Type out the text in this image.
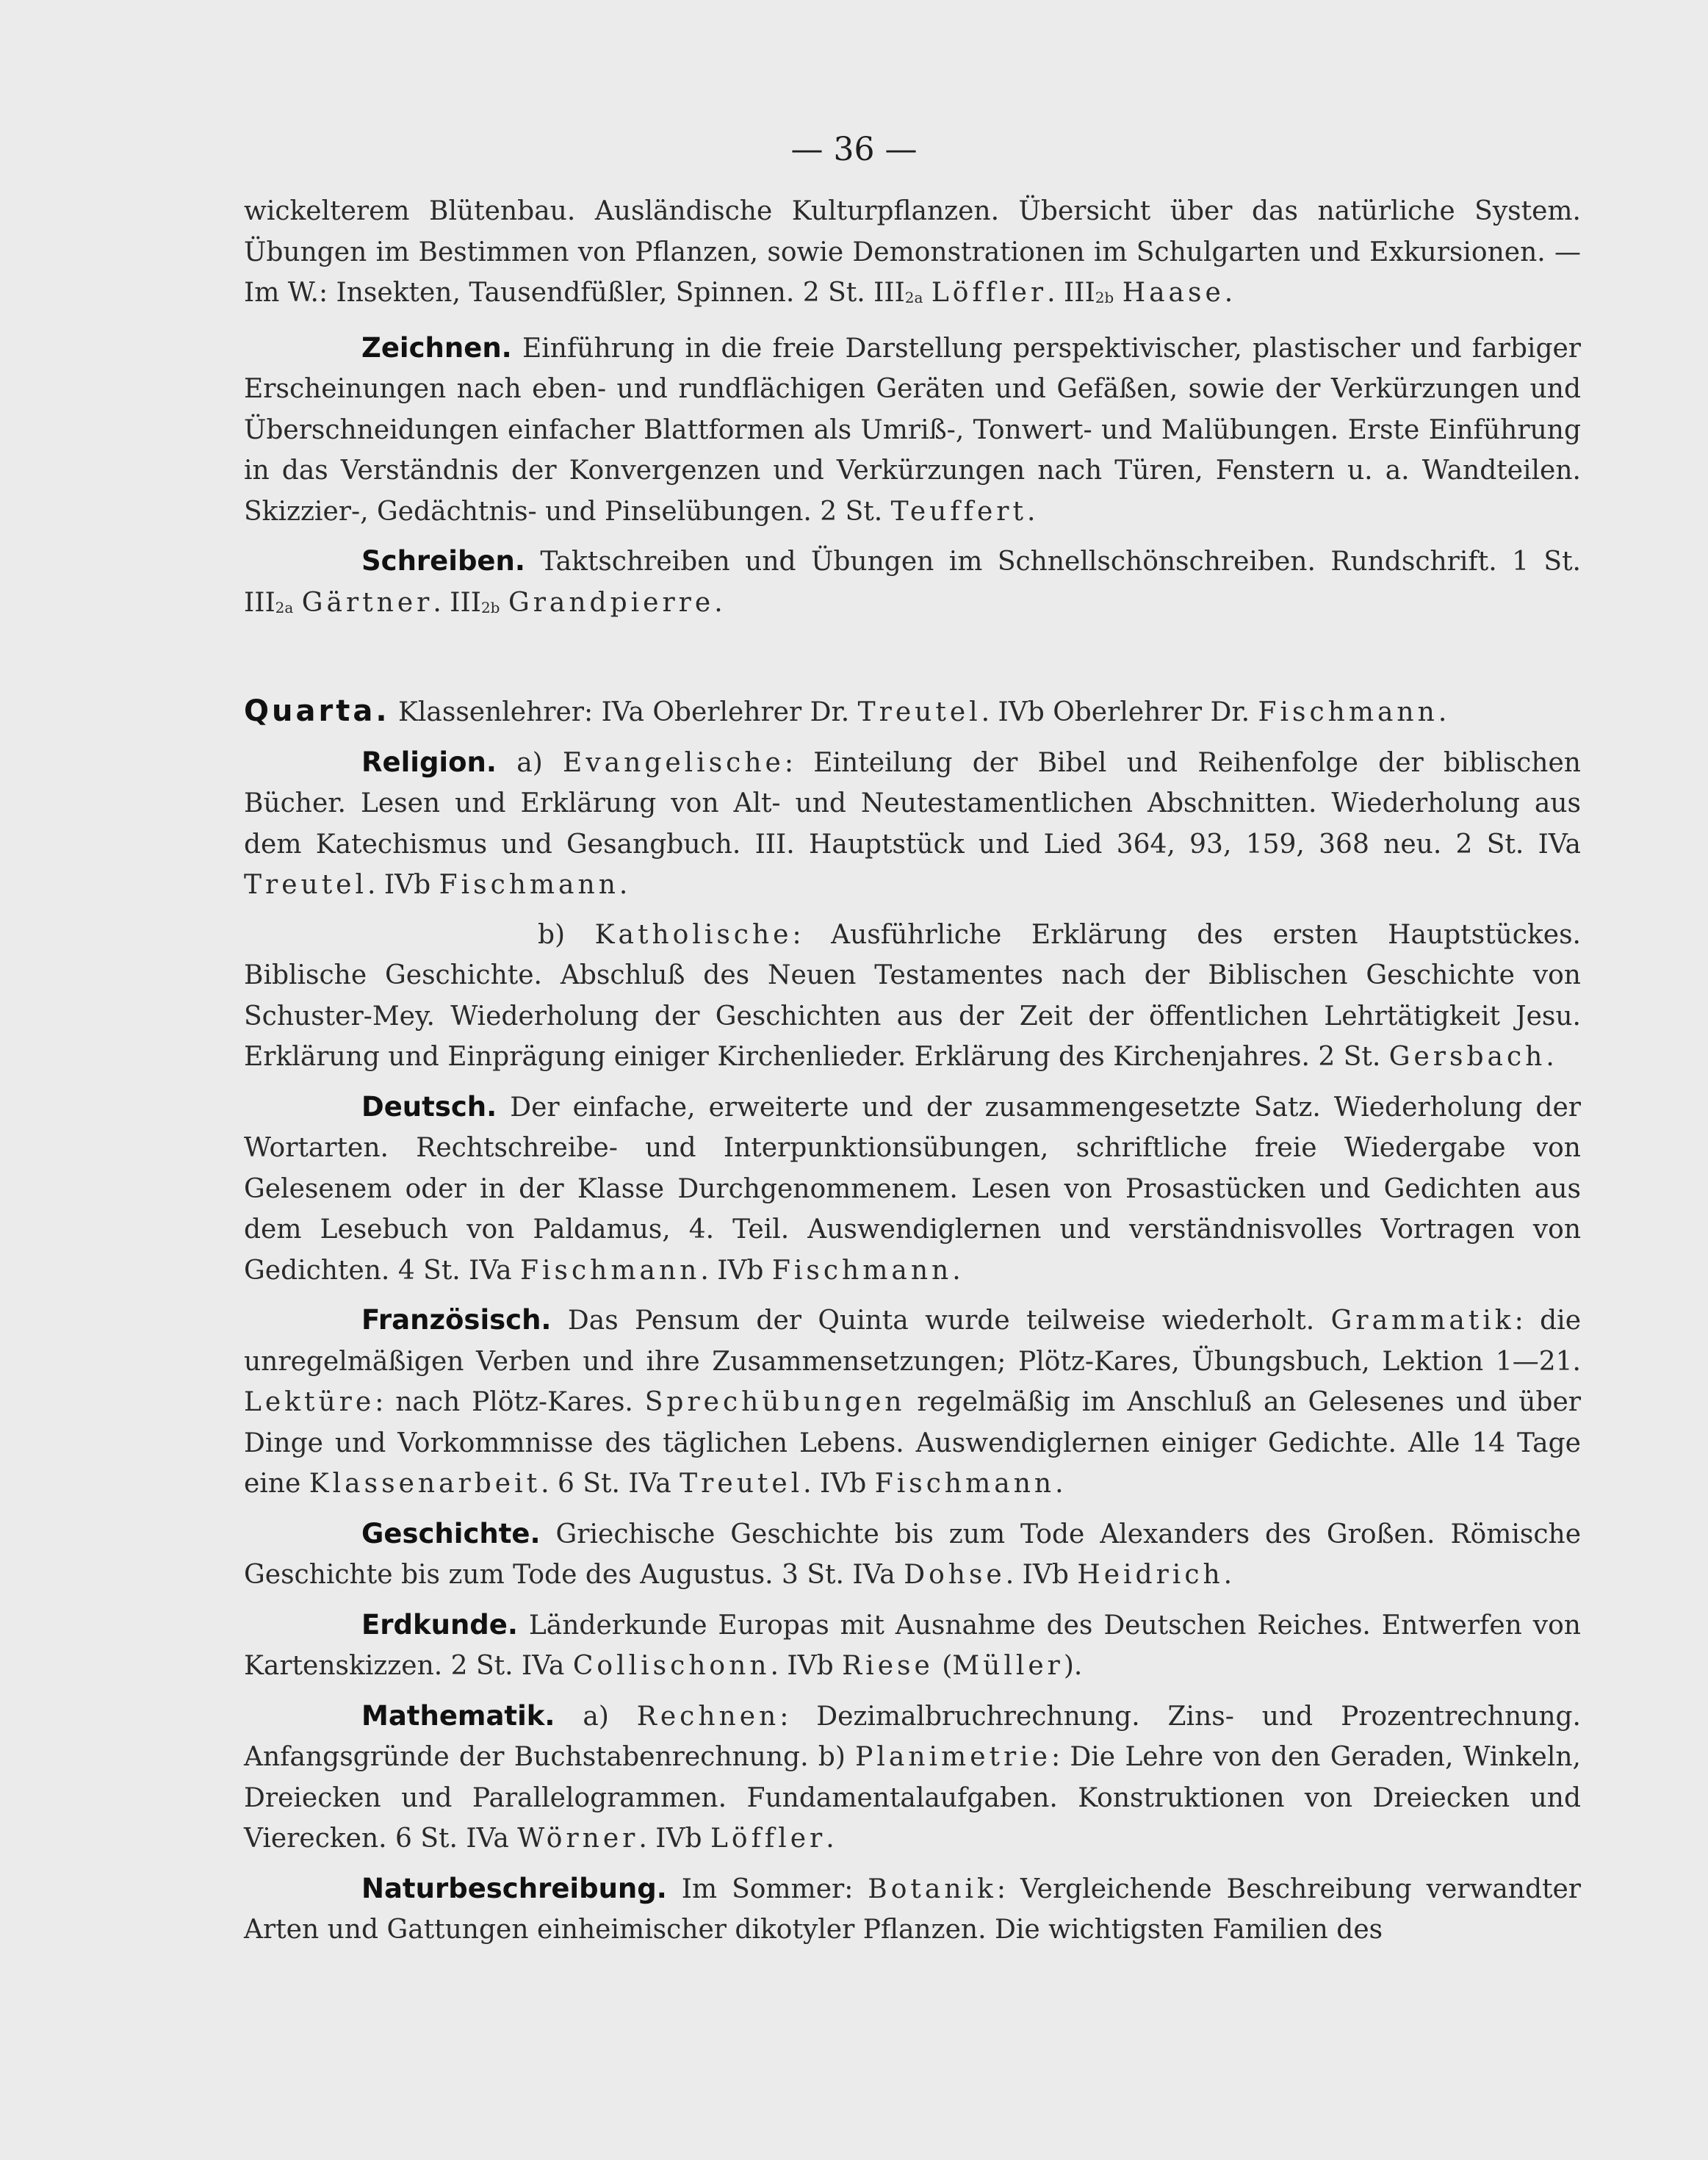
— 36 —

wickelterem Blütenbau. Ausländische Kulturpflanzen. Übersicht über das natürliche System. Übungen im Bestimmen von Pflanzen, sowie Demonstrationen im Schulgarten und Exkursionen. — Im W.: Insekten, Tausendfüßler, Spinnen. 2 St. $III_{2a}$ Löffler. $III_{2b}$ Haase.

Zeichnen. Einführung in die freie Darstellung perspektivischer, plastischer und farbiger Erscheinungen nach eben- und rundflächigen Geräten und Gefäßen, sowie der Verkürzungen und Überschneidungen einfacher Blattformen als Umriß-, Tonwert- und Malübungen. Erste Einführung in das Verständnis der Konvergenzen und Verkürzungen nach Türen, Fenstern u. a. Wandteilen. Skizzier-, Gedächtnis- und Pinselübungen. 2 St. Teuffert.

Schreiben. Taktschreiben und Übungen im Schnellschönschreiben. Rundschrift. 1 St. $III_{2a}$ Gärtner. $III_{2b}$ Grandpierre.

Quarta. Klassenlehrer: IVa Oberlehrer Dr. Treutel. IVb Oberlehrer Dr. Fischmann.

Religion. a) Evangelische: Einteilung der Bibel und Reihenfolge der biblischen Bücher. Lesen und Erklärung von Alt- und Neutestamentlichen Abschnitten. Wiederholung aus dem Katechismus und Gesangbuch. III. Hauptstück und Lied 364, 93, 159, 368 neu. 2 St. IVa Treutel. IVb Fischmann.

b) Katholische: Ausführliche Erklärung des ersten Hauptstückes. Biblische Geschichte. Abschluß des Neuen Testamentes nach der Biblischen Geschichte von Schuster-Mey. Wiederholung der Geschichten aus der Zeit der öffentlichen Lehrtätigkeit Jesu. Erklärung und Einprägung einiger Kirchenlieder. Erklärung des Kirchenjahres. 2 St. Gersbach.

Deutsch. Der einfache, erweiterte und der zusammengesetzte Satz. Wiederholung der Wortarten. Rechtschreibe- und Interpunktionsübungen, schriftliche freie Wiedergabe von Gelesenem oder in der Klasse Durchgenommenem. Lesen von Prosastücken und Gedichten aus dem Lesebuch von Paldamus, 4. Teil. Auswendiglernen und verständnisvolles Vortragen von Gedichten. 4 St. IVa Fischmann. IVb Fischmann.

Französisch. Das Pensum der Quinta wurde teilweise wiederholt. Grammatik: die unregelmäßigen Verben und ihre Zusammensetzungen; Plötz-Kares, Übungsbuch, Lektion 1—21. Lektüre: nach Plötz-Kares. Sprechübungen regelmäßig im Anschluß an Gelesenes und über Dinge und Vorkommnisse des täglichen Lebens. Auswendiglernen einiger Gedichte. Alle 14 Tage eine Klassenarbeit. 6 St. IVa Treutel. IVb Fischmann.

Geschichte. Griechische Geschichte bis zum Tode Alexanders des Großen. Römische Geschichte bis zum Tode des Augustus. 3 St. IVa Dohse. IVb Heidrich.

Erdkunde. Länderkunde Europas mit Ausnahme des Deutschen Reiches. Entwerfen von Kartenskizzen. 2 St. IVa Collischonn. IVb Riese (Müller).

Mathematik. a) Rechnen: Dezimalbruchrechnung. Zins- und Prozentrechnung. Anfangsgründe der Buchstabenrechnung. b) Planimetrie: Die Lehre von den Geraden, Winkeln, Dreiecken und Parallelogrammen. Fundamentalaufgaben. Konstruktionen von Dreiecken und Vierecken. 6 St. IVa Wörner. IVb Löffler.

Naturbeschreibung. Im Sommer: Botanik: Vergleichende Beschreibung verwandter Arten und Gattungen einheimischer dikotyler Pflanzen. Die wichtigsten Familien des
